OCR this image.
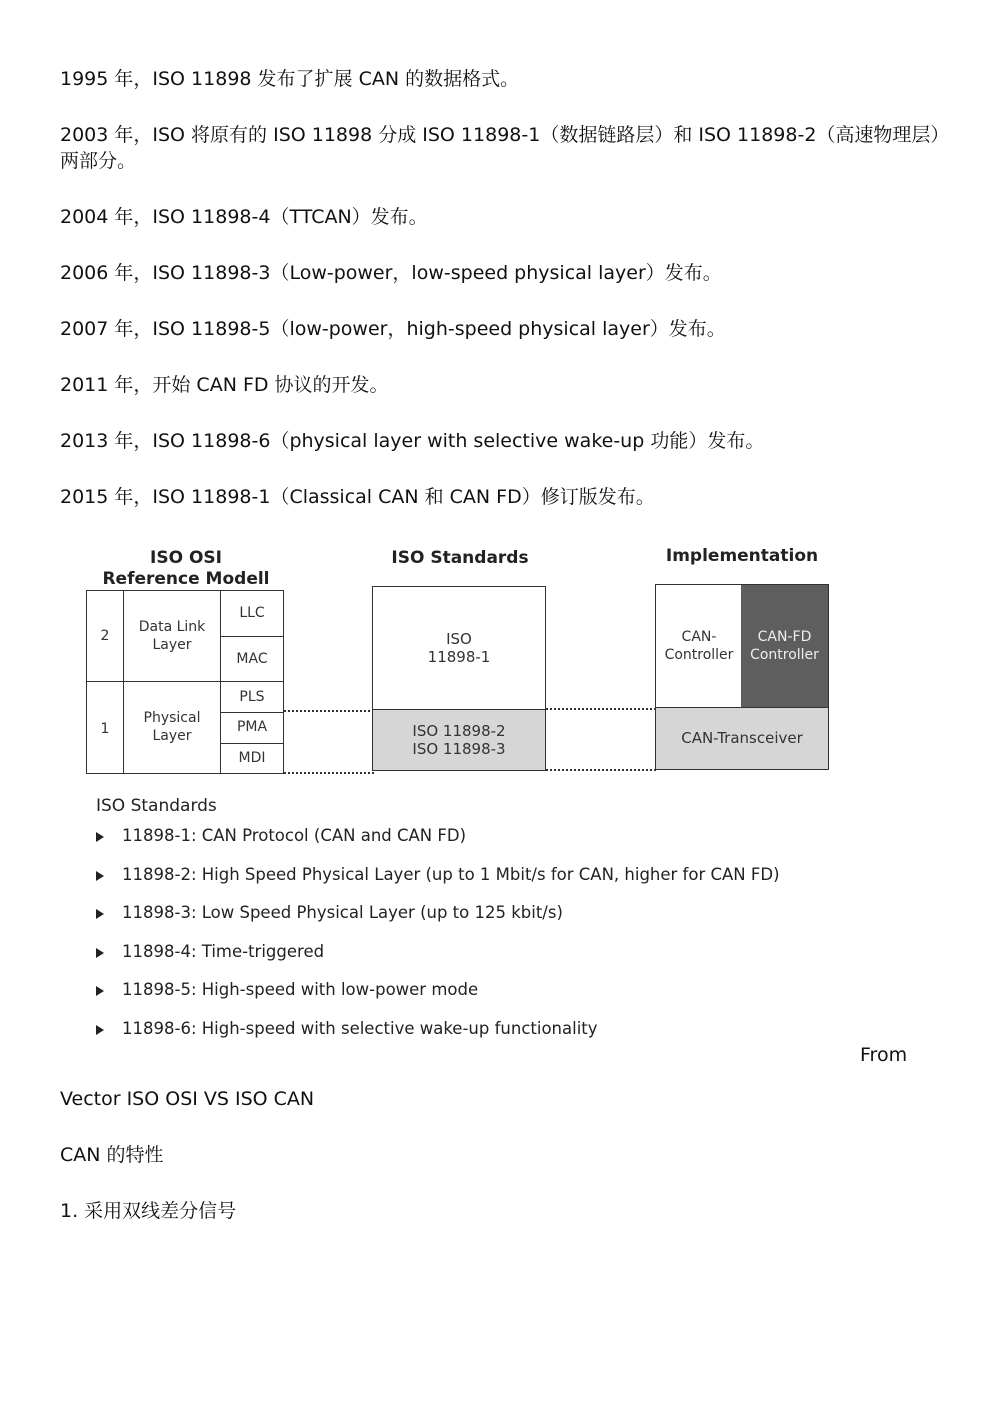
1995 年，ISO 11898 发布了扩展 CAN 的数据格式。

2003 年，ISO 将原有的 ISO 11898 分成 ISO 11898-1（数据链路层）和 ISO 11898-2（高速物理层）两部分。

2004 年，ISO 11898-4（TTCAN）发布。

2006 年，ISO 11898-3（Low-power，low-speed physical layer）发布。

2007 年，ISO 11898-5（low-power，high-speed physical layer）发布。

2011 年，开始 CAN FD 协议的开发。

2013 年，ISO 11898-6（physical layer with selective wake-up 功能）发布。

2015 年，ISO 11898-1（Classical CAN 和 CAN FD）修订版发布。

ISO OSI
Reference Modell
ISO Standards	Implementation
2
Data Link
Layer
LLC
MAC
1
Physical
Layer
PLS
PMA
MDI
ISO
11898-1
ISO 11898-2
ISO 11898-3
CAN-
Controller
CAN-FD
Controller
CAN-Transceiver
ISO Standards
11898-1: CAN Protocol (CAN and CAN FD)
11898-2: High Speed Physical Layer (up to 1 Mbit/s for CAN, higher for CAN FD)
11898-3: Low Speed Physical Layer (up to 125 kbit/s)
11898-4: Time-triggered
11898-5: High-speed with low-power mode
11898-6: High-speed with selective wake-up functionality
From

Vector ISO OSI VS ISO CAN

CAN 的特性

1. 采用双线差分信号
